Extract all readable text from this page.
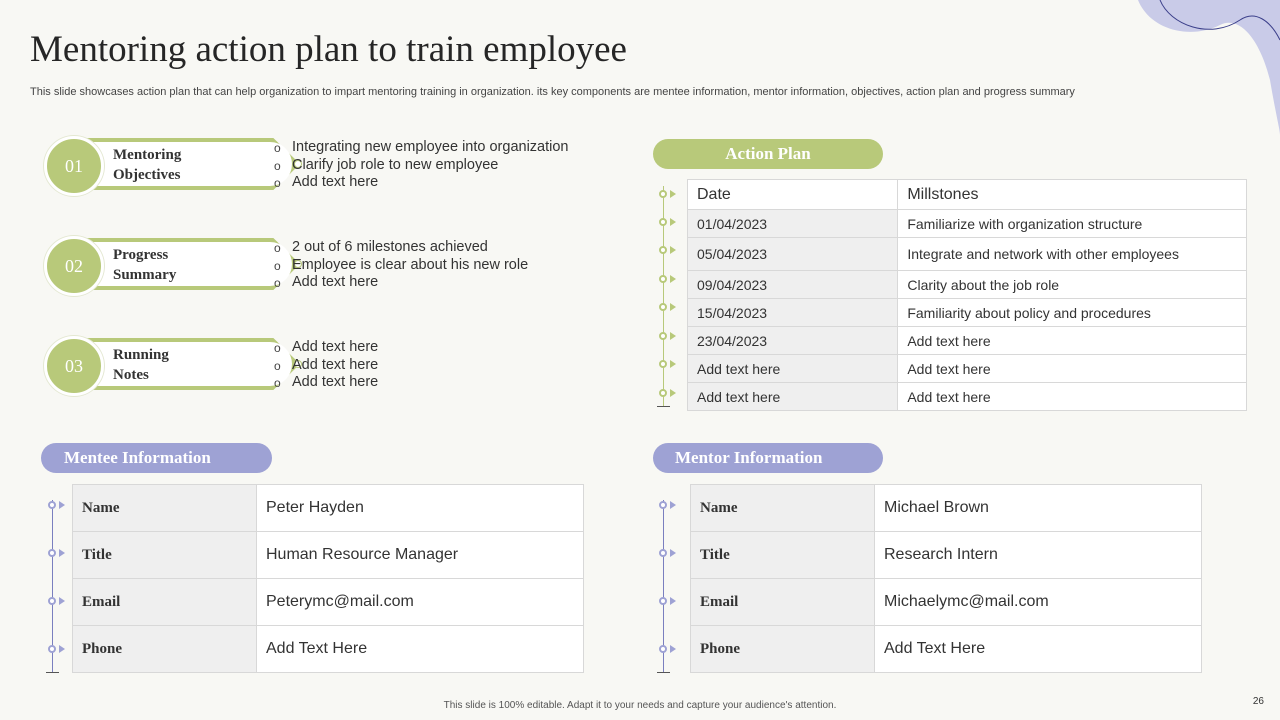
Mentoring action plan to train employee
This slide showcases action plan that can help organization to impart mentoring training in organization. its key components are mentee information, mentor information, objectives, action plan and progress summary
01
Mentoring Objectives
o Integrating new employee into organization
o Clarify job role to new employee
o Add text here
02
Progress Summary
o 2 out of 6 milestones achieved
o Employee is clear about his new role
o Add text here
03
Running Notes
o Add text here
o Add text here
o Add text here
Action Plan
Date	Millstones
01/04/2023	Familiarize with organization structure
05/04/2023	Integrate and network with other employees
09/04/2023	Clarity about the job role
15/04/2023	Familiarity about policy and procedures
23/04/2023	Add text here
Add text here	Add text here
Add text here	Add text here
Mentee Information
Name	Peter Hayden
Title	Human Resource Manager
Email	Peterymc@mail.com
Phone	Add Text Here
Mentor Information
Name	Michael Brown
Title	Research Intern
Email	Michaelymc@mail.com
Phone	Add Text Here
This slide is 100% editable. Adapt it to your needs and capture your audience's attention.	26
